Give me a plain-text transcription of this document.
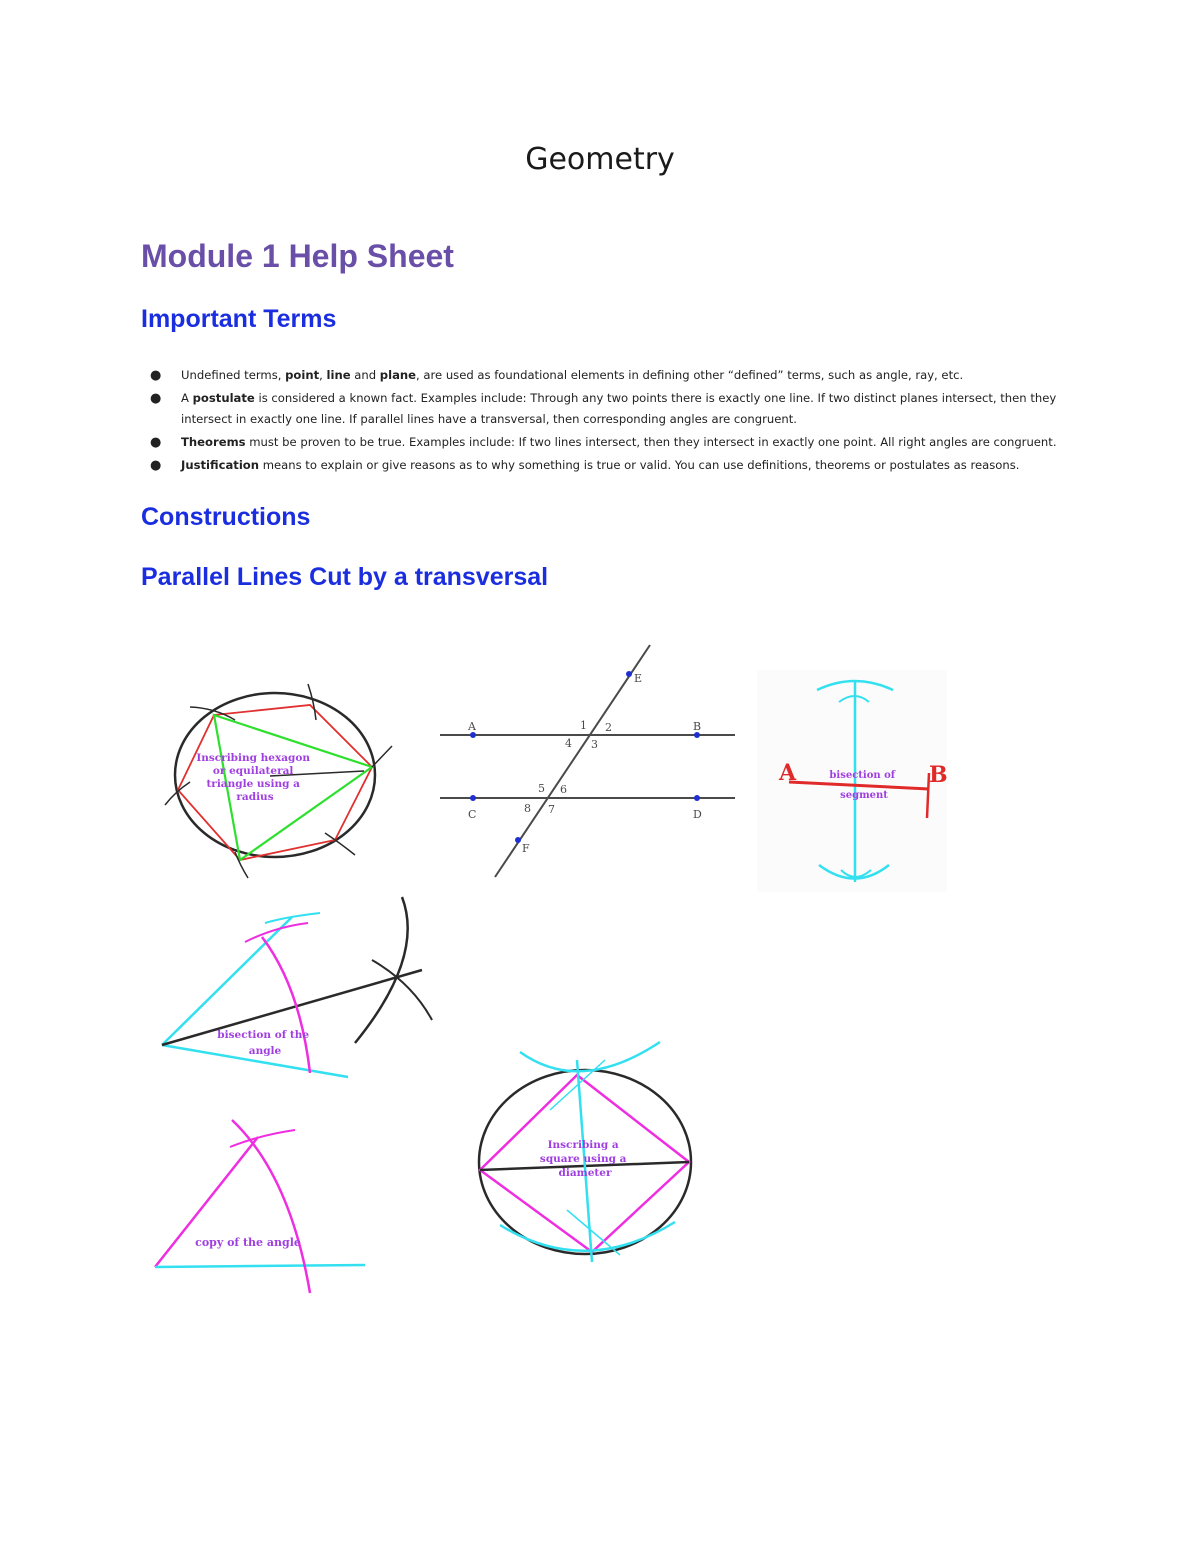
Geometry
Module 1 Help Sheet
Important Terms
● Undefined terms, point, line and plane, are used as foundational elements in defining other “defined” terms, such as angle, ray, etc.
● A postulate is considered a known fact. Examples include: Through any two points there is exactly one line. If two distinct planes intersect, then they intersect in exactly one line. If parallel lines have a transversal, then corresponding angles are congruent.
● Theorems must be proven to be true. Examples include: If two lines intersect, then they intersect in exactly one point. All right angles are congruent.
● Justification means to explain or give reasons as to why something is true or valid. You can use definitions, theorems or postulates as reasons.
Constructions
Parallel Lines Cut by a transversal
Inscribing hexagon or equilateral triangle using a radius
A	B
C	D
E
F
1 2
3
4
5 6
7
8
A	B
bisection of segment
bisection of the angle
Inscribing a square using a diameter
copy of the angle
